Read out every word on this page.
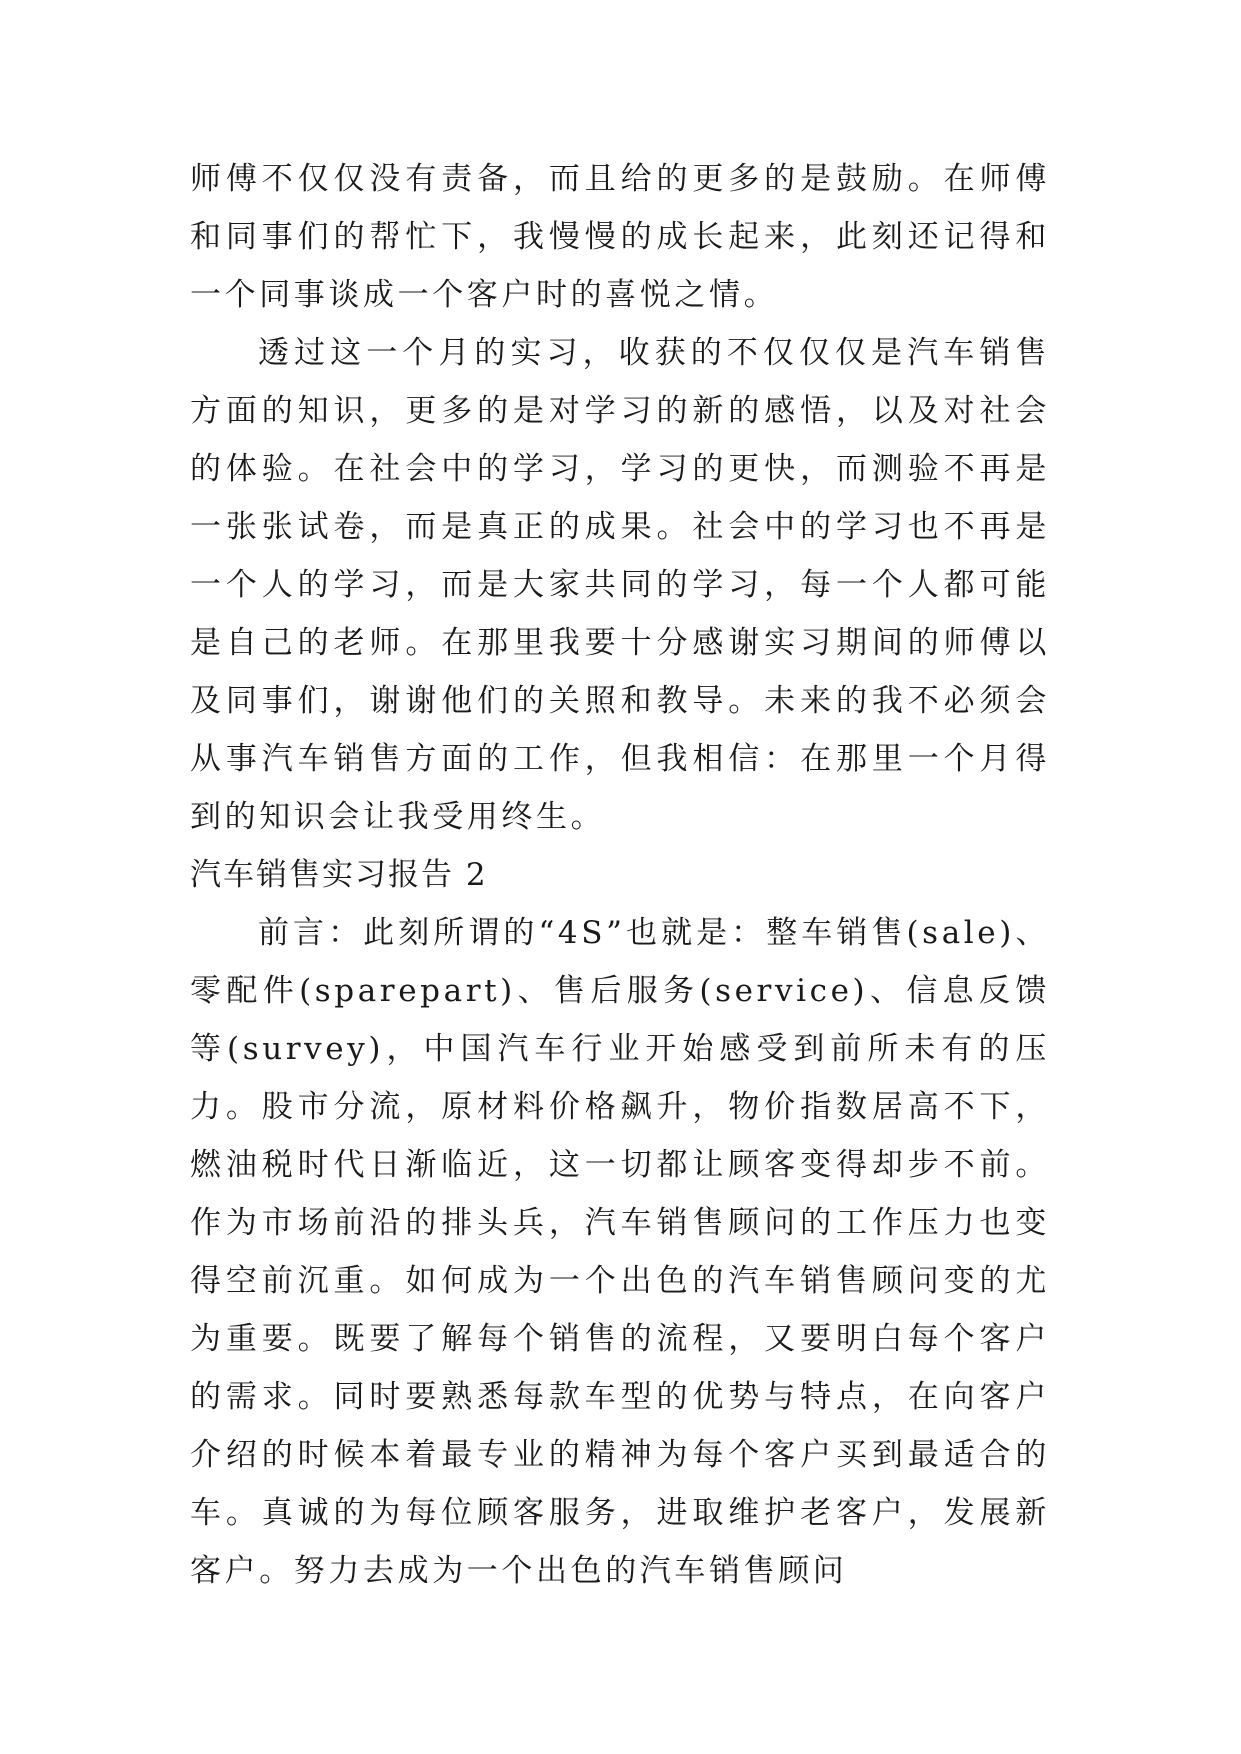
师傅不仅仅没有责备，而且给的更多的是鼓励。在师傅和同事们的帮忙下，我慢慢的成长起来，此刻还记得和一个同事谈成一个客户时的喜悦之情。

透过这一个月的实习，收获的不仅仅仅是汽车销售方面的知识，更多的是对学习的新的感悟，以及对社会的体验。在社会中的学习，学习的更快，而测验不再是一张张试卷，而是真正的成果。社会中的学习也不再是一个人的学习，而是大家共同的学习，每一个人都可能是自己的老师。在那里我要十分感谢实习期间的师傅以及同事们，谢谢他们的关照和教导。未来的我不必须会从事汽车销售方面的工作，但我相信：在那里一个月得到的知识会让我受用终生。

汽车销售实习报告 2

前言：此刻所谓的“4S”也就是：整车销售(sale)、零配件(sparepart)、售后服务(service)、信息反馈等(survey)，中国汽车行业开始感受到前所未有的压力。股市分流，原材料价格飙升，物价指数居高不下，燃油税时代日渐临近，这一切都让顾客变得却步不前。作为市场前沿的排头兵，汽车销售顾问的工作压力也变得空前沉重。如何成为一个出色的汽车销售顾问变的尤为重要。既要了解每个销售的流程，又要明白每个客户的需求。同时要熟悉每款车型的优势与特点，在向客户介绍的时候本着最专业的精神为每个客户买到最适合的车。真诚的为每位顾客服务，进取维护老客户，发展新客户。努力去成为一个出色的汽车销售顾问
